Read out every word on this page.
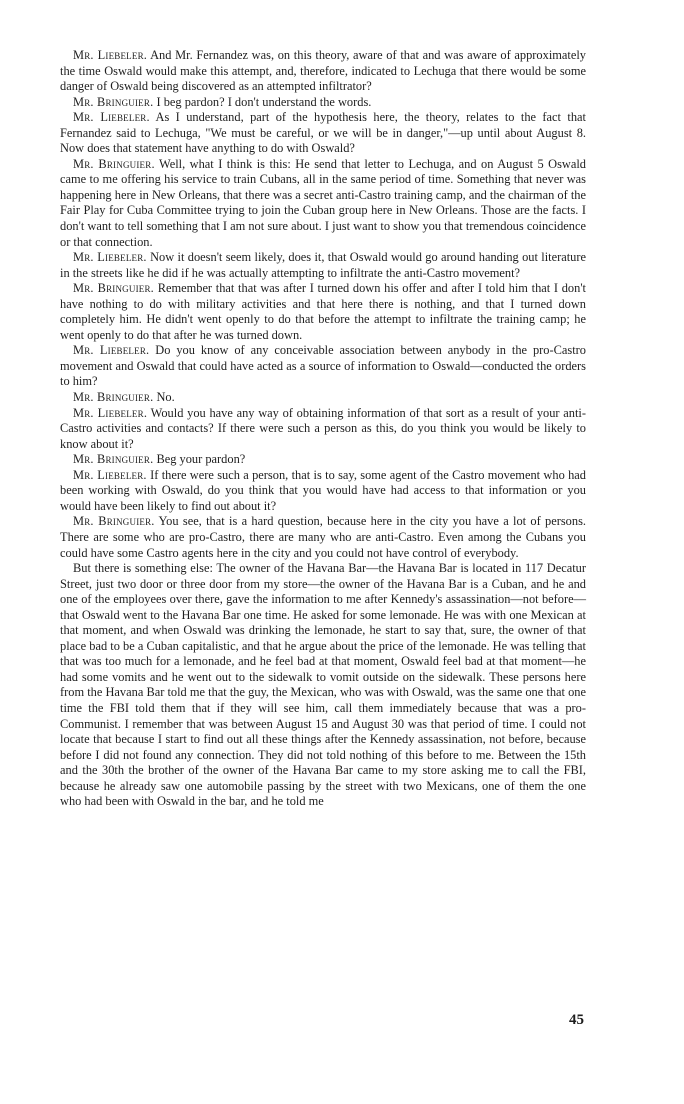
Mr. Liebeler. And Mr. Fernandez was, on this theory, aware of that and was aware of approximately the time Oswald would make this attempt, and, therefore, indicated to Lechuga that there would be some danger of Oswald being discovered as an attempted infiltrator?

Mr. Bringuier. I beg pardon? I don't understand the words.

Mr. Liebeler. As I understand, part of the hypothesis here, the theory, relates to the fact that Fernandez said to Lechuga, "We must be careful, or we will be in danger,"—up until about August 8. Now does that statement have anything to do with Oswald?

Mr. Bringuier. Well, what I think is this: He send that letter to Lechuga, and on August 5 Oswald came to me offering his service to train Cubans, all in the same period of time. Something that never was happening here in New Orleans, that there was a secret anti-Castro training camp, and the chairman of the Fair Play for Cuba Committee trying to join the Cuban group here in New Orleans. Those are the facts. I don't want to tell something that I am not sure about. I just want to show you that tremendous coincidence or that connection.

Mr. Liebeler. Now it doesn't seem likely, does it, that Oswald would go around handing out literature in the streets like he did if he was actually attempting to infiltrate the anti-Castro movement?

Mr. Bringuier. Remember that that was after I turned down his offer and after I told him that I don't have nothing to do with military activities and that here there is nothing, and that I turned down completely him. He didn't went openly to do that before the attempt to infiltrate the training camp; he went openly to do that after he was turned down.

Mr. Liebeler. Do you know of any conceivable association between anybody in the pro-Castro movement and Oswald that could have acted as a source of information to Oswald—conducted the orders to him?

Mr. Bringuier. No.

Mr. Liebeler. Would you have any way of obtaining information of that sort as a result of your anti-Castro activities and contacts? If there were such a person as this, do you think you would be likely to know about it?

Mr. Bringuier. Beg your pardon?

Mr. Liebeler. If there were such a person, that is to say, some agent of the Castro movement who had been working with Oswald, do you think that you would have had access to that information or you would have been likely to find out about it?

Mr. Bringuier. You see, that is a hard question, because here in the city you have a lot of persons. There are some who are pro-Castro, there are many who are anti-Castro. Even among the Cubans you could have some Castro agents here in the city and you could not have control of everybody.

But there is something else: The owner of the Havana Bar—the Havana Bar is located in 117 Decatur Street, just two door or three door from my store—the owner of the Havana Bar is a Cuban, and he and one of the employees over there, gave the information to me after Kennedy's assassination—not before—that Oswald went to the Havana Bar one time. He asked for some lemonade. He was with one Mexican at that moment, and when Oswald was drinking the lemonade, he start to say that, sure, the owner of that place bad to be a Cuban capitalistic, and that he argue about the price of the lemonade. He was telling that that was too much for a lemonade, and he feel bad at that moment, Oswald feel bad at that moment—he had some vomits and he went out to the sidewalk to vomit outside on the sidewalk. These persons here from the Havana Bar told me that the guy, the Mexican, who was with Oswald, was the same one that one time the FBI told them that if they will see him, call them immediately because that was a pro-Communist. I remember that was between August 15 and August 30 was that period of time. I could not locate that because I start to find out all these things after the Kennedy assassination, not before, because before I did not found any connection. They did not told nothing of this before to me. Between the 15th and the 30th the brother of the owner of the Havana Bar came to my store asking me to call the FBI, because he already saw one automobile passing by the street with two Mexicans, one of them the one who had been with Oswald in the bar, and he told me

45
